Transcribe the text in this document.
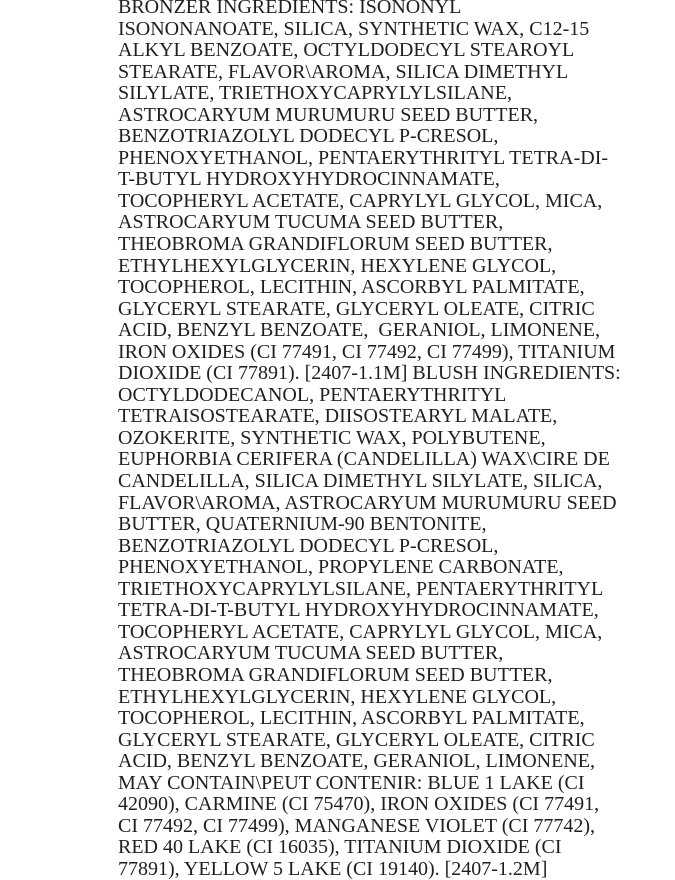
BRONZER INGREDIENTS: ISONONYL
ISONONANOATE, SILICA, SYNTHETIC WAX, C12-15
ALKYL BENZOATE, OCTYLDODECYL STEAROYL
STEARATE, FLAVOR\AROMA, SILICA DIMETHYL
SILYLATE, TRIETHOXYCAPRYLYLSILANE,
ASTROCARYUM MURUMURU SEED BUTTER,
BENZOTRIAZOLYL DODECYL P-CRESOL,
PHENOXYETHANOL, PENTAERYTHRITYL TETRA-DI-
T-BUTYL HYDROXYHYDROCINNAMATE,
TOCOPHERYL ACETATE, CAPRYLYL GLYCOL, MICA,
ASTROCARYUM TUCUMA SEED BUTTER,
THEOBROMA GRANDIFLORUM SEED BUTTER,
ETHYLHEXYLGLYCERIN, HEXYLENE GLYCOL,
TOCOPHEROL, LECITHIN, ASCORBYL PALMITATE,
GLYCERYL STEARATE, GLYCERYL OLEATE, CITRIC
ACID, BENZYL BENZOATE,  GERANIOL, LIMONENE,
IRON OXIDES (CI 77491, CI 77492, CI 77499), TITANIUM
DIOXIDE (CI 77891). [2407-1.1M] BLUSH INGREDIENTS:
OCTYLDODECANOL, PENTAERYTHRITYL
TETRAISOSTEARATE, DIISOSTEARYL MALATE,
OZOKERITE, SYNTHETIC WAX, POLYBUTENE,
EUPHORBIA CERIFERA (CANDELILLA) WAX\CIRE DE
CANDELILLA, SILICA DIMETHYL SILYLATE, SILICA,
FLAVOR\AROMA, ASTROCARYUM MURUMURU SEED
BUTTER, QUATERNIUM-90 BENTONITE,
BENZOTRIAZOLYL DODECYL P-CRESOL,
PHENOXYETHANOL, PROPYLENE CARBONATE,
TRIETHOXYCAPRYLYLSILANE, PENTAERYTHRITYL
TETRA-DI-T-BUTYL HYDROXYHYDROCINNAMATE,
TOCOPHERYL ACETATE, CAPRYLYL GLYCOL, MICA,
ASTROCARYUM TUCUMA SEED BUTTER,
THEOBROMA GRANDIFLORUM SEED BUTTER,
ETHYLHEXYLGLYCERIN, HEXYLENE GLYCOL,
TOCOPHEROL, LECITHIN, ASCORBYL PALMITATE,
GLYCERYL STEARATE, GLYCERYL OLEATE, CITRIC
ACID, BENZYL BENZOATE, GERANIOL, LIMONENE,
MAY CONTAIN\PEUT CONTENIR: BLUE 1 LAKE (CI
42090), CARMINE (CI 75470), IRON OXIDES (CI 77491,
CI 77492, CI 77499), MANGANESE VIOLET (CI 77742),
RED 40 LAKE (CI 16035), TITANIUM DIOXIDE (CI
77891), YELLOW 5 LAKE (CI 19140). [2407-1.2M]
